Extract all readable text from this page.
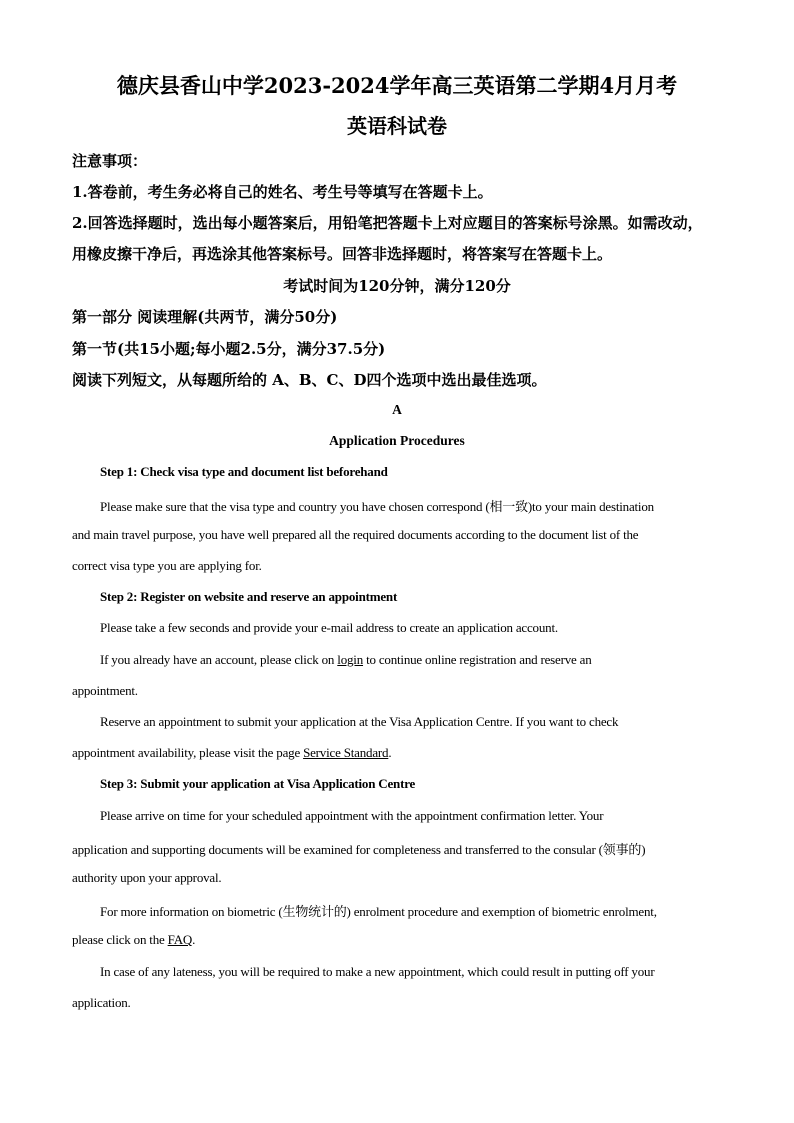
德庆县香山中学2023-2024学年高三英语第二学期4月月考
英语科试卷
注意事项：
1.答卷前，考生务必将自己的姓名、考生号等填写在答题卡上。
2.回答选择题时，选出每小题答案后，用铅笔把答题卡上对应题目的答案标号涂黑。如需改动，
用橡皮擦干净后，再选涂其他答案标号。回答非选择题时，将答案写在答题卡上。
考试时间为120分钟，满分120分
第一部分 阅读理解(共两节，满分50分)
第一节(共15小题;每小题2.5分，满分37.5分)
阅读下列短文，从每题所给的 A、B、C、D四个选项中选出最佳选项。
A
Application Procedures
Step 1: Check visa type and document list beforehand
Please make sure that the visa type and country you have chosen correspond (相一致)to your main destination
and main travel purpose, you have well prepared all the required documents according to the document list of the
correct visa type you are applying for.
Step 2: Register on website and reserve an appointment
Please take a few seconds and provide your e-mail address to create an application account.
If you already have an account, please click on login to continue online registration and reserve an
appointment.
Reserve an appointment to submit your application at the Visa Application Centre. If you want to check
appointment availability, please visit the page Service Standard.
Step 3: Submit your application at Visa Application Centre
Please arrive on time for your scheduled appointment with the appointment confirmation letter. Your
application and supporting documents will be examined for completeness and transferred to the consular (领事的)
authority upon your approval.
For more information on biometric (生物统计的) enrolment procedure and exemption of biometric enrolment,
please click on the FAQ.
In case of any lateness, you will be required to make a new appointment, which could result in putting off your
application.
